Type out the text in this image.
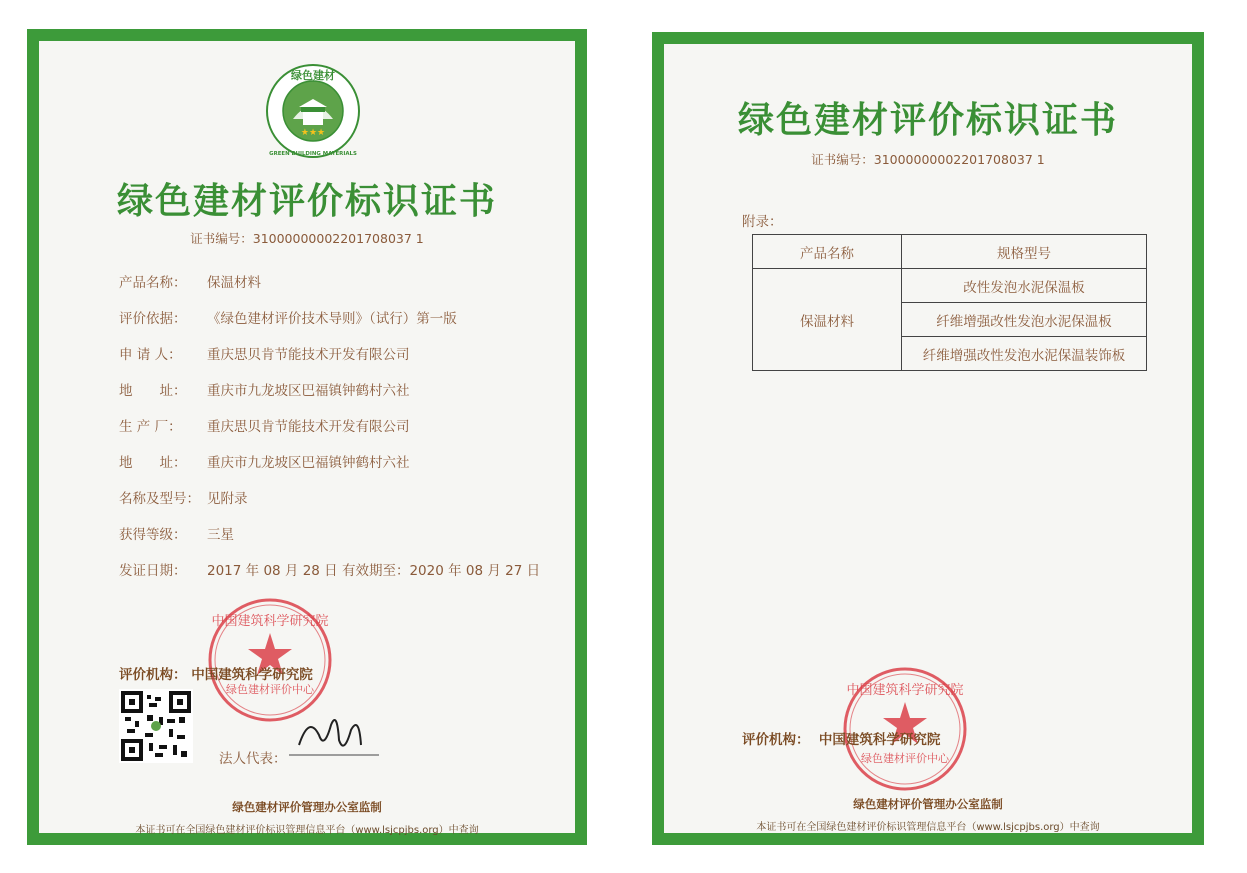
★★★
绿色建材
GREEN BUILDING MATERIALS
绿色建材评价标识证书
证书编号：31000000002201708037 1
产品名称： 保温材料
评价依据： 《绿色建材评价技术导则》（试行）第一版
申 请 人： 重庆思贝肯节能技术开发有限公司
地　　址： 重庆市九龙坡区巴福镇钟鹤村六社
生 产 厂： 重庆思贝肯节能技术开发有限公司
地　　址： 重庆市九龙坡区巴福镇钟鹤村六社
名称及型号： 见附录
获得等级： 三星
发证日期： 2017 年 08 月 28 日 有效期至：2020 年 08 月 27 日
中国建筑科学研究院
绿色建材评价中心
评价机构： 中国建筑科学研究院
法人代表：
绿色建材评价管理办公室监制
本证书可在全国绿色建材评价标识管理信息平台（www.lsjcpjbs.org）中查询
绿色建材评价标识证书
证书编号：31000000002201708037 1
附录：
产品名称	规格型号
保温材料	改性发泡水泥保温板
	纤维增强改性发泡水泥保温板
	纤维增强改性发泡水泥保温装饰板
中国建筑科学研究院
绿色建材评价中心
评价机构： 中国建筑科学研究院
绿色建材评价管理办公室监制
本证书可在全国绿色建材评价标识管理信息平台（www.lsjcpjbs.org）中查询
